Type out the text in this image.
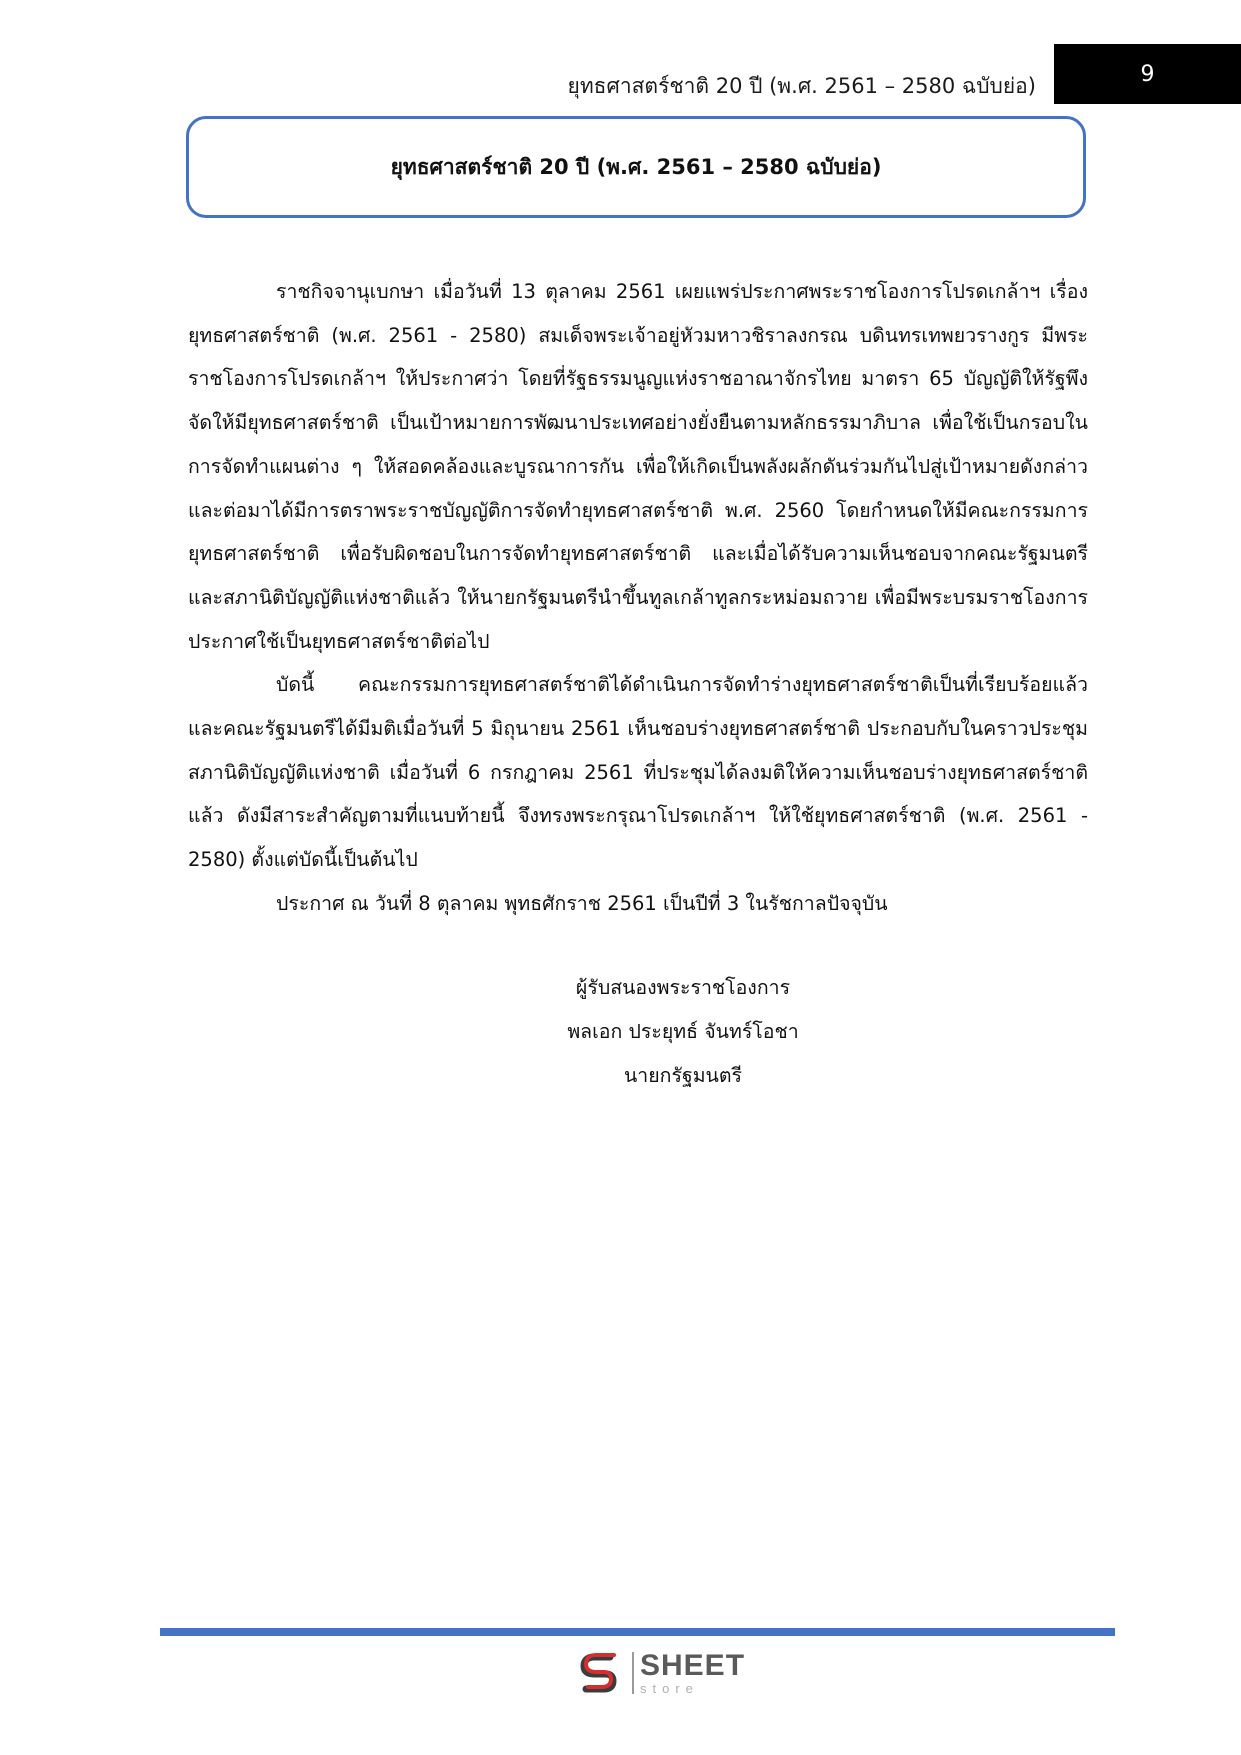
ยุทธศาสตร์ชาติ 20 ปี (พ.ศ. 2561 – 2580 ฉบับย่อ)	9
ยุทธศาสตร์ชาติ 20 ปี (พ.ศ. 2561 – 2580 ฉบับย่อ)

ราชกิจจานุเบกษา เมื่อวันที่ 13 ตุลาคม 2561 เผยแพร่ประกาศพระราชโองการโปรดเกล้าฯ เรื่อง ยุทธศาสตร์ชาติ (พ.ศ. 2561 - 2580) สมเด็จพระเจ้าอยู่หัวมหาวชิราลงกรณ บดินทรเทพยวรางกูร มีพระราชโองการโปรดเกล้าฯ ให้ประกาศว่า โดยที่รัฐธรรมนูญแห่งราชอาณาจักรไทย มาตรา 65 บัญญัติให้รัฐพึงจัดให้มียุทธศาสตร์ชาติ เป็นเป้าหมายการพัฒนาประเทศอย่างยั่งยืนตามหลักธรรมาภิบาล เพื่อใช้เป็นกรอบในการจัดทำแผนต่าง ๆ ให้สอดคล้องและบูรณาการกัน เพื่อให้เกิดเป็นพลังผลักดันร่วมกันไปสู่เป้าหมายดังกล่าว และต่อมาได้มีการตราพระราชบัญญัติการจัดทำยุทธศาสตร์ชาติ พ.ศ. 2560 โดยกำหนดให้มีคณะกรรมการยุทธศาสตร์ชาติ เพื่อรับผิดชอบในการจัดทำยุทธศาสตร์ชาติ และเมื่อได้รับความเห็นชอบจากคณะรัฐมนตรีและสภานิติบัญญัติแห่งชาติแล้ว ให้นายกรัฐมนตรีนำขึ้นทูลเกล้าทูลกระหม่อมถวาย เพื่อมีพระบรมราชโองการประกาศใช้เป็นยุทธศาสตร์ชาติต่อไป

บัดนี้ คณะกรรมการยุทธศาสตร์ชาติได้ดำเนินการจัดทำร่างยุทธศาสตร์ชาติเป็นที่เรียบร้อยแล้ว และคณะรัฐมนตรีได้มีมติเมื่อวันที่ 5 มิถุนายน 2561 เห็นชอบร่างยุทธศาสตร์ชาติ ประกอบกับในคราวประชุมสภานิติบัญญัติแห่งชาติ เมื่อวันที่ 6 กรกฎาคม 2561 ที่ประชุมได้ลงมติให้ความเห็นชอบร่างยุทธศาสตร์ชาติแล้ว ดังมีสาระสำคัญตามที่แนบท้ายนี้ จึงทรงพระกรุณาโปรดเกล้าฯ ให้ใช้ยุทธศาสตร์ชาติ (พ.ศ. 2561 - 2580) ตั้งแต่บัดนี้เป็นต้นไป

ประกาศ ณ วันที่ 8 ตุลาคม พุทธศักราช 2561 เป็นปีที่ 3 ในรัชกาลปัจจุบัน

ผู้รับสนองพระราชโองการ
พลเอก ประยุทธ์ จันทร์โอชา
นายกรัฐมนตรี
SHEET
store
